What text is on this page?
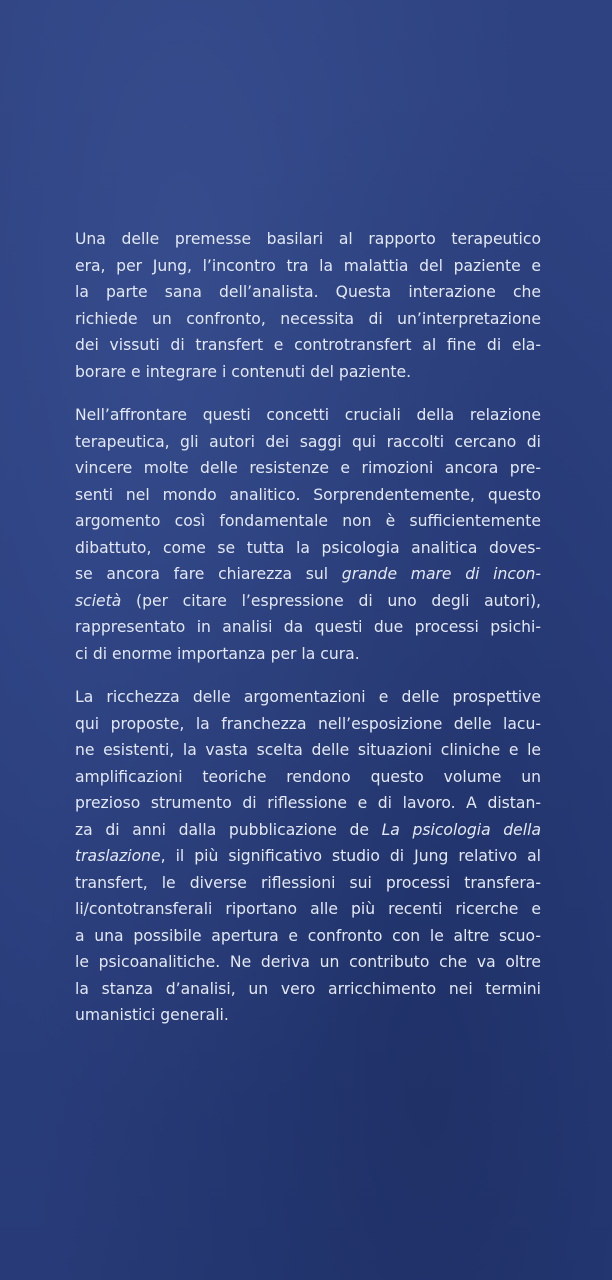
Una delle premesse basilari al rapporto terapeutico
era, per Jung, l’incontro tra la malattia del paziente e
la parte sana dell’analista. Questa interazione che
richiede un confronto, necessita di un’interpretazione
dei vissuti di transfert e controtransfert al fine di ela-
borare e integrare i contenuti del paziente.

Nell’affrontare questi concetti cruciali della relazione
terapeutica, gli autori dei saggi qui raccolti cercano di
vincere molte delle resistenze e rimozioni ancora pre-
senti nel mondo analitico. Sorprendentemente, questo
argomento così fondamentale non è sufficientemente
dibattuto, come se tutta la psicologia analitica doves-
se ancora fare chiarezza sul grande mare di incon-
scietà (per citare l’espressione di uno degli autori),
rappresentato in analisi da questi due processi psichi-
ci di enorme importanza per la cura.

La ricchezza delle argomentazioni e delle prospettive
qui proposte, la franchezza nell’esposizione delle lacu-
ne esistenti, la vasta scelta delle situazioni cliniche e le
amplificazioni teoriche rendono questo volume un
prezioso strumento di riflessione e di lavoro. A distan-
za di anni dalla pubblicazione de La psicologia della
traslazione, il più significativo studio di Jung relativo al
transfert, le diverse riflessioni sui processi transfera-
li/contotransferali riportano alle più recenti ricerche e
a una possibile apertura e confronto con le altre scuo-
le psicoanalitiche. Ne deriva un contributo che va oltre
la stanza d’analisi, un vero arricchimento nei termini
umanistici generali.
